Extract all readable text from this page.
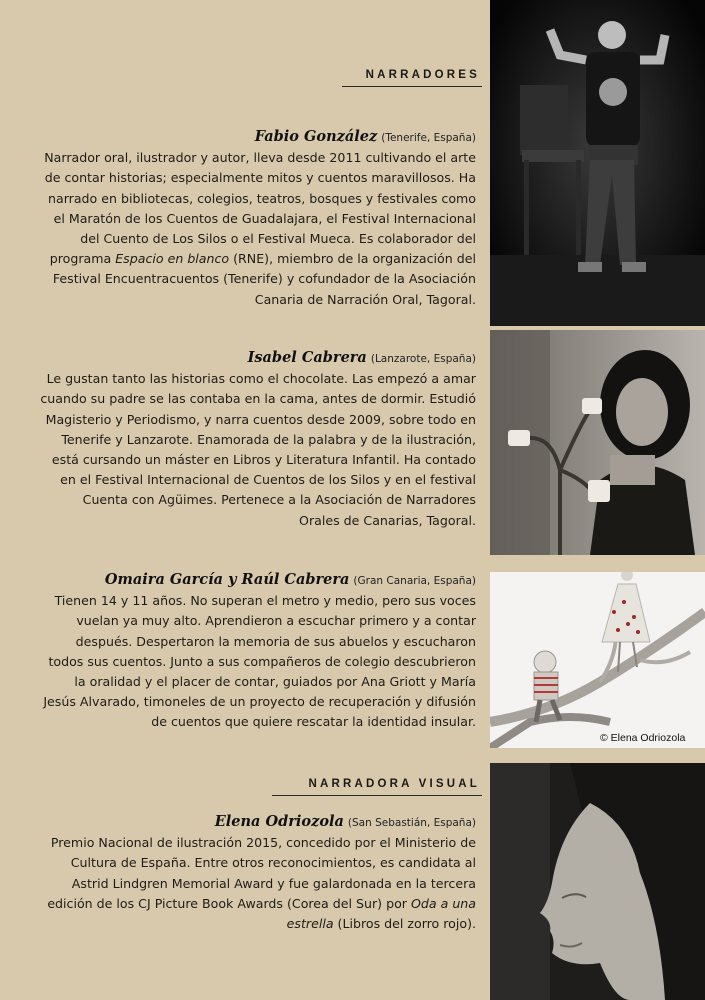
NARRADORES
Fabio González (Tenerife, España)
Narrador oral, ilustrador y autor, lleva desde 2011 cultivando el arte de contar historias; especialmente mitos y cuentos maravillosos. Ha narrado en bibliotecas, colegios, teatros, bosques y festivales como el Maratón de los Cuentos de Guadalajara, el Festival Internacional del Cuento de Los Silos o el Festival Mueca. Es colaborador del programa Espacio en blanco (RNE), miembro de la organización del Festival Encuentracuentos (Tenerife) y cofundador de la Asociación Canaria de Narración Oral, Tagoral.
Isabel Cabrera (Lanzarote, España)
Le gustan tanto las historias como el chocolate. Las empezó a amar cuando su padre se las contaba en la cama, antes de dormir. Estudió Magisterio y Periodismo, y narra cuentos desde 2009, sobre todo en Tenerife y Lanzarote. Enamorada de la palabra y de la ilustración, está cursando un máster en Libros y Literatura Infantil. Ha contado en el Festival Internacional de Cuentos de los Silos y en el festival Cuenta con Agüimes. Pertenece a la Asociación de Narradores Orales de Canarias, Tagoral.
Omaira García y Raúl Cabrera (Gran Canaria, España)
Tienen 14 y 11 años. No superan el metro y medio, pero sus voces vuelan ya muy alto. Aprendieron a escuchar primero y a contar después. Despertaron la memoria de sus abuelos y escucharon todos sus cuentos. Junto a sus compañeros de colegio descubrieron la oralidad y el placer de contar, guiados por Ana Griott y María Jesús Alvarado, timoneles de un proyecto de recuperación y difusión de cuentos que quiere rescatar la identidad insular.
NARRADORA VISUAL
Elena Odriozola (San Sebastián, España)
Premio Nacional de ilustración 2015, concedido por el Ministerio de Cultura de España. Entre otros reconocimientos, es candidata al Astrid Lindgren Memorial Award y fue galardonada en la tercera edición de los CJ Picture Book Awards (Corea del Sur) por Oda a una estrella (Libros del zorro rojo).
© Elena Odriozola
